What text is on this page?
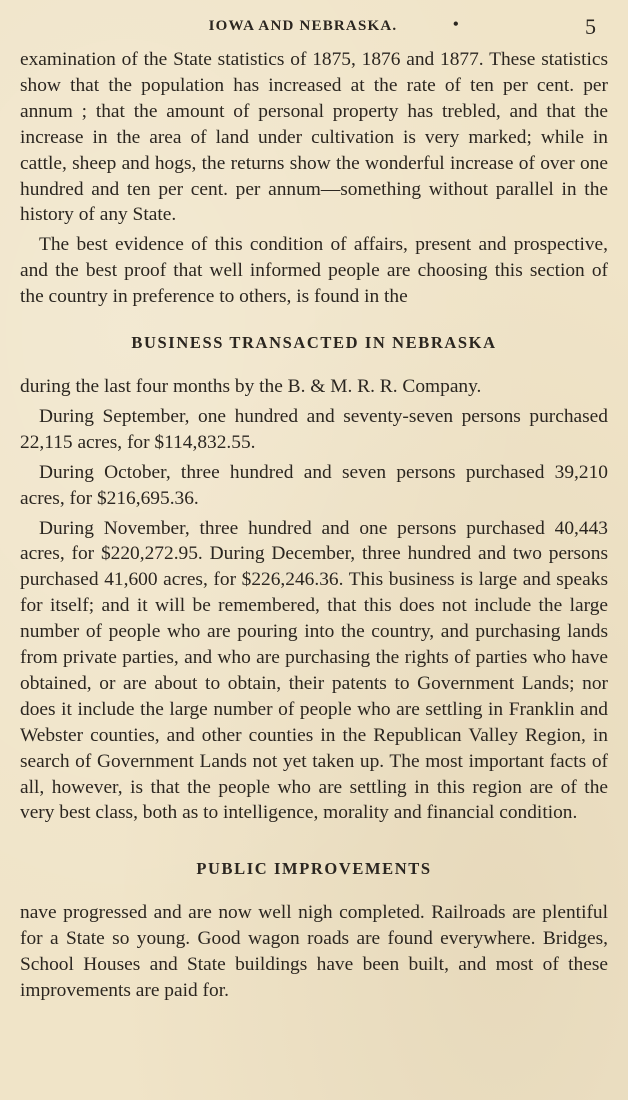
IOWA AND NEBRASKA.	•	5

examination of the State statistics of 1875, 1876 and 1877. These statistics show that the population has increased at the rate of ten per cent. per annum ; that the amount of personal property has trebled, and that the increase in the area of land under cultivation is very marked; while in cattle, sheep and hogs, the returns show the wonderful increase of over one hundred and ten per cent. per annum—something without parallel in the history of any State.

The best evidence of this condition of affairs, present and prospective, and the best proof that well informed people are choosing this section of the country in preference to others, is found in the

BUSINESS TRANSACTED IN NEBRASKA

during the last four months by the B. & M. R. R. Company.

During September, one hundred and seventy-seven persons purchased 22,115 acres, for $114,832.55.

During October, three hundred and seven persons purchased 39,210 acres, for $216,695.36.

During November, three hundred and one persons purchased 40,443 acres, for $220,272.95. During December, three hundred and two persons purchased 41,600 acres, for $226,246.36. This business is large and speaks for itself; and it will be remembered, that this does not include the large number of people who are pouring into the country, and purchasing lands from private parties, and who are purchasing the rights of parties who have obtained, or are about to obtain, their patents to Government Lands; nor does it include the large number of people who are settling in Franklin and Webster counties, and other counties in the Republican Valley Region, in search of Government Lands not yet taken up. The most important facts of all, however, is that the people who are settling in this region are of the very best class, both as to intelligence, morality and financial condition.

PUBLIC IMPROVEMENTS

nave progressed and are now well nigh completed. Railroads are plentiful for a State so young. Good wagon roads are found everywhere. Bridges, School Houses and State buildings have been built, and most of these improvements are paid for.
